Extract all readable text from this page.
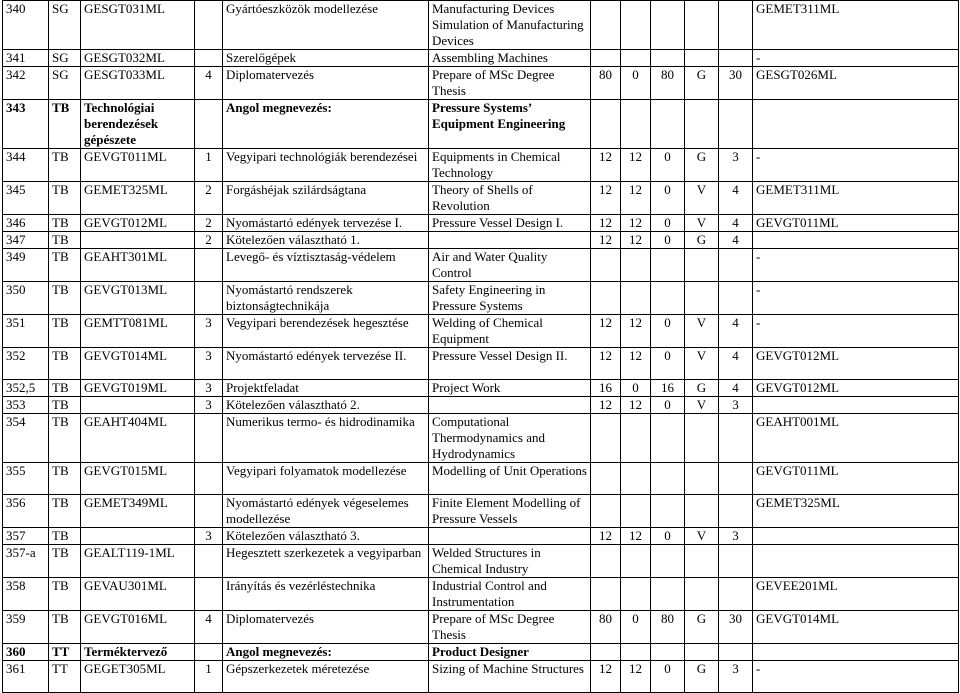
340	SG	GESGT031ML		Gyártóeszközök modellezése	Manufacturing Devices Simulation of Manufacturing Devices						GEMET311ML
341	SG	GESGT032ML		Szerelőgépek	Assembling Machines						-
342	SG	GESGT033ML	4	Diplomatervezés	Prepare of MSc Degree Thesis	80	0	80	G	30	GESGT026ML
343	TB	Technológiai berendezések gépészete		Angol megnevezés:	Pressure Systems’ Equipment Engineering						
344	TB	GEVGT011ML	1	Vegyipari technológiák berendezései	Equipments in Chemical Technology	12	12	0	G	3	-
345	TB	GEMET325ML	2	Forgáshéjak szilárdságtana	Theory of Shells of Revolution	12	12	0	V	4	GEMET311ML
346	TB	GEVGT012ML	2	Nyomástartó edények tervezése I.	Pressure Vessel Design I.	12	12	0	V	4	GEVGT011ML
347	TB		2	Kötelezően választható 1.		12	12	0	G	4	
349	TB	GEAHT301ML		Levegő- és víztisztaság-védelem	Air and Water Quality Control						-
350	TB	GEVGT013ML		Nyomástartó rendszerek biztonságtechnikája	Safety Engineering in Pressure Systems						-
351	TB	GEMTT081ML	3	Vegyipari berendezések hegesztése	Welding of Chemical Equipment	12	12	0	V	4	-
352	TB	GEVGT014ML	3	Nyomástartó edények tervezése II.	Pressure Vessel Design II.	12	12	0	V	4	GEVGT012ML
352,5	TB	GEVGT019ML	3	Projektfeladat	Project Work	16	0	16	G	4	GEVGT012ML
353	TB		3	Kötelezően választható 2.		12	12	0	V	3	
354	TB	GEAHT404ML		Numerikus termo- és hidrodinamika	Computational Thermodynamics and Hydrodynamics						GEAHT001ML
355	TB	GEVGT015ML		Vegyipari folyamatok modellezése	Modelling of Unit Operations						GEVGT011ML
356	TB	GEMET349ML		Nyomástartó edények végeselemes modellezése	Finite Element Modelling of Pressure Vessels						GEMET325ML
357	TB		3	Kötelezően választható 3.		12	12	0	V	3	
357-a	TB	GEALT119-1ML		Hegesztett szerkezetek a vegyiparban	Welded Structures in Chemical Industry						
358	TB	GEVAU301ML		Irányítás és vezérléstechnika	Industrial Control and Instrumentation						GEVEE201ML
359	TB	GEVGT016ML	4	Diplomatervezés	Prepare of MSc Degree Thesis	80	0	80	G	30	GEVGT014ML
360	TT	Terméktervező		Angol megnevezés:	Product Designer						
361	TT	GEGET305ML	1	Gépszerkezetek méretezése	Sizing of Machine Structures	12	12	0	G	3	-
